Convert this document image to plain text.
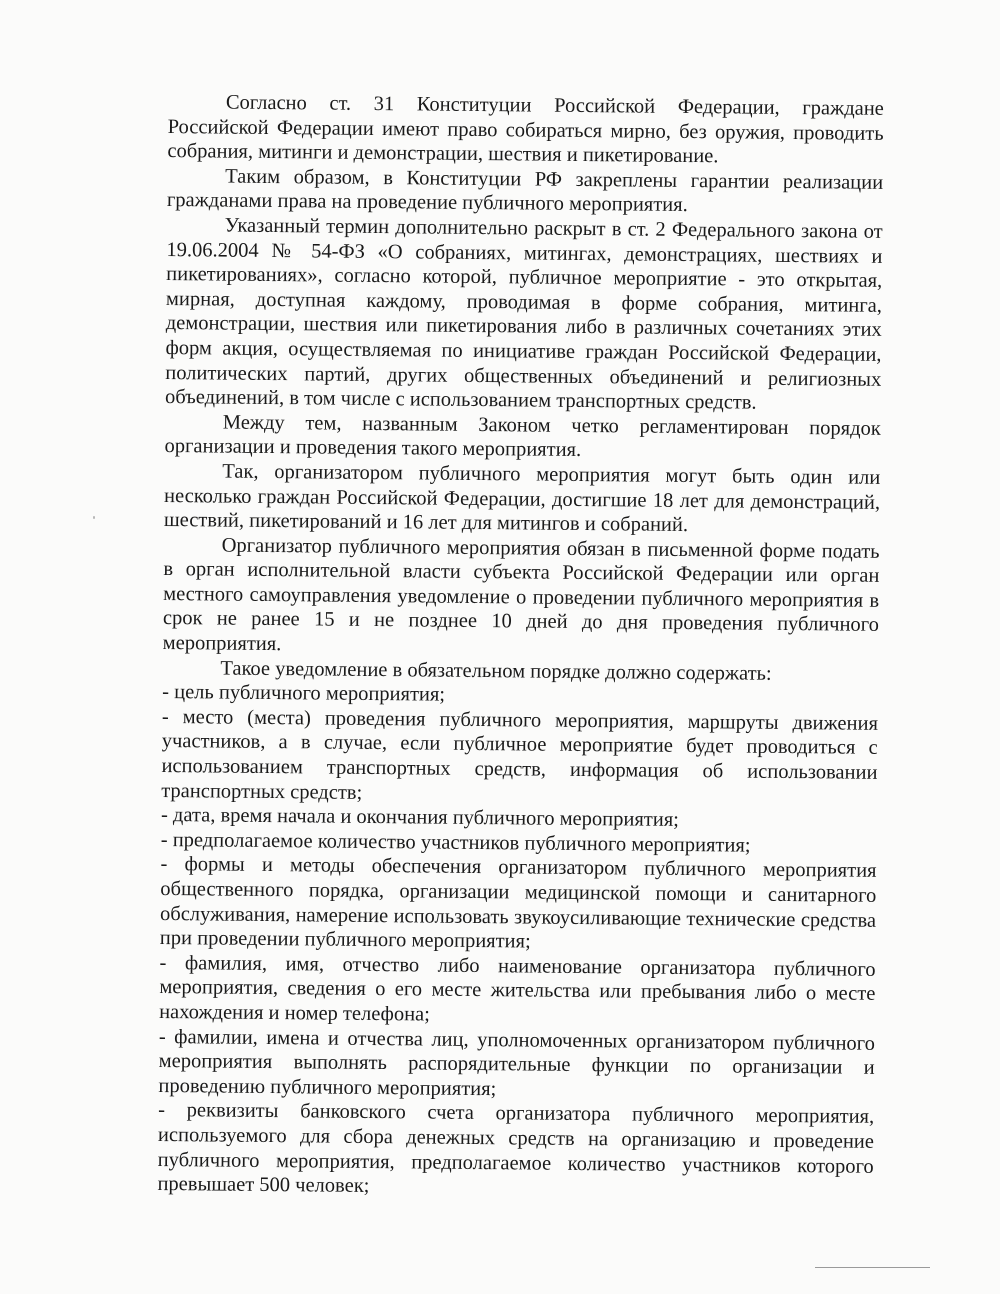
Согласно ст. 31 Конституции Российской Федерации, граждане Российской Федерации имеют право собираться мирно, без оружия, проводить собрания, митинги и демонстрации, шествия и пикетирование.

Таким образом, в Конституции РФ закреплены гарантии реализации гражданами права на проведение публичного мероприятия.

Указанный термин дополнительно раскрыт в ст. 2 Федерального закона от 19.06.2004 № 54-ФЗ «О собраниях, митингах, демонстрациях, шествиях и пикетированиях», согласно которой, публичное мероприятие - это открытая, мирная, доступная каждому, проводимая в форме собрания, митинга, демонстрации, шествия или пикетирования либо в различных сочетаниях этих форм акция, осуществляемая по инициативе граждан Российской Федерации, политических партий, других общественных объединений и религиозных объединений, в том числе с использованием транспортных средств.

Между тем, названным Законом четко регламентирован порядок организации и проведения такого мероприятия.

Так, организатором публичного мероприятия могут быть один или несколько граждан Российской Федерации, достигшие 18 лет для демонстраций, шествий, пикетирований и 16 лет для митингов и собраний.

Организатор публичного мероприятия обязан в письменной форме подать в орган исполнительной власти субъекта Российской Федерации или орган местного самоуправления уведомление о проведении публичного мероприятия в срок не ранее 15 и не позднее 10 дней до дня проведения публичного мероприятия.

Такое уведомление в обязательном порядке должно содержать:

- цель публичного мероприятия;

- место (места) проведения публичного мероприятия, маршруты движения участников, а в случае, если публичное мероприятие будет проводиться с использованием транспортных средств, информация об использовании транспортных средств;

- дата, время начала и окончания публичного мероприятия;

- предполагаемое количество участников публичного мероприятия;

- формы и методы обеспечения организатором публичного мероприятия общественного порядка, организации медицинской помощи и санитарного обслуживания, намерение использовать звукоусиливающие технические средства при проведении публичного мероприятия;

- фамилия, имя, отчество либо наименование организатора публичного мероприятия, сведения о его месте жительства или пребывания либо о месте нахождения и номер телефона;

- фамилии, имена и отчества лиц, уполномоченных организатором публичного мероприятия выполнять распорядительные функции по организации и проведению публичного мероприятия;

- реквизиты банковского счета организатора публичного мероприятия, используемого для сбора денежных средств на организацию и проведение публичного мероприятия, предполагаемое количество участников которого превышает 500 человек;
